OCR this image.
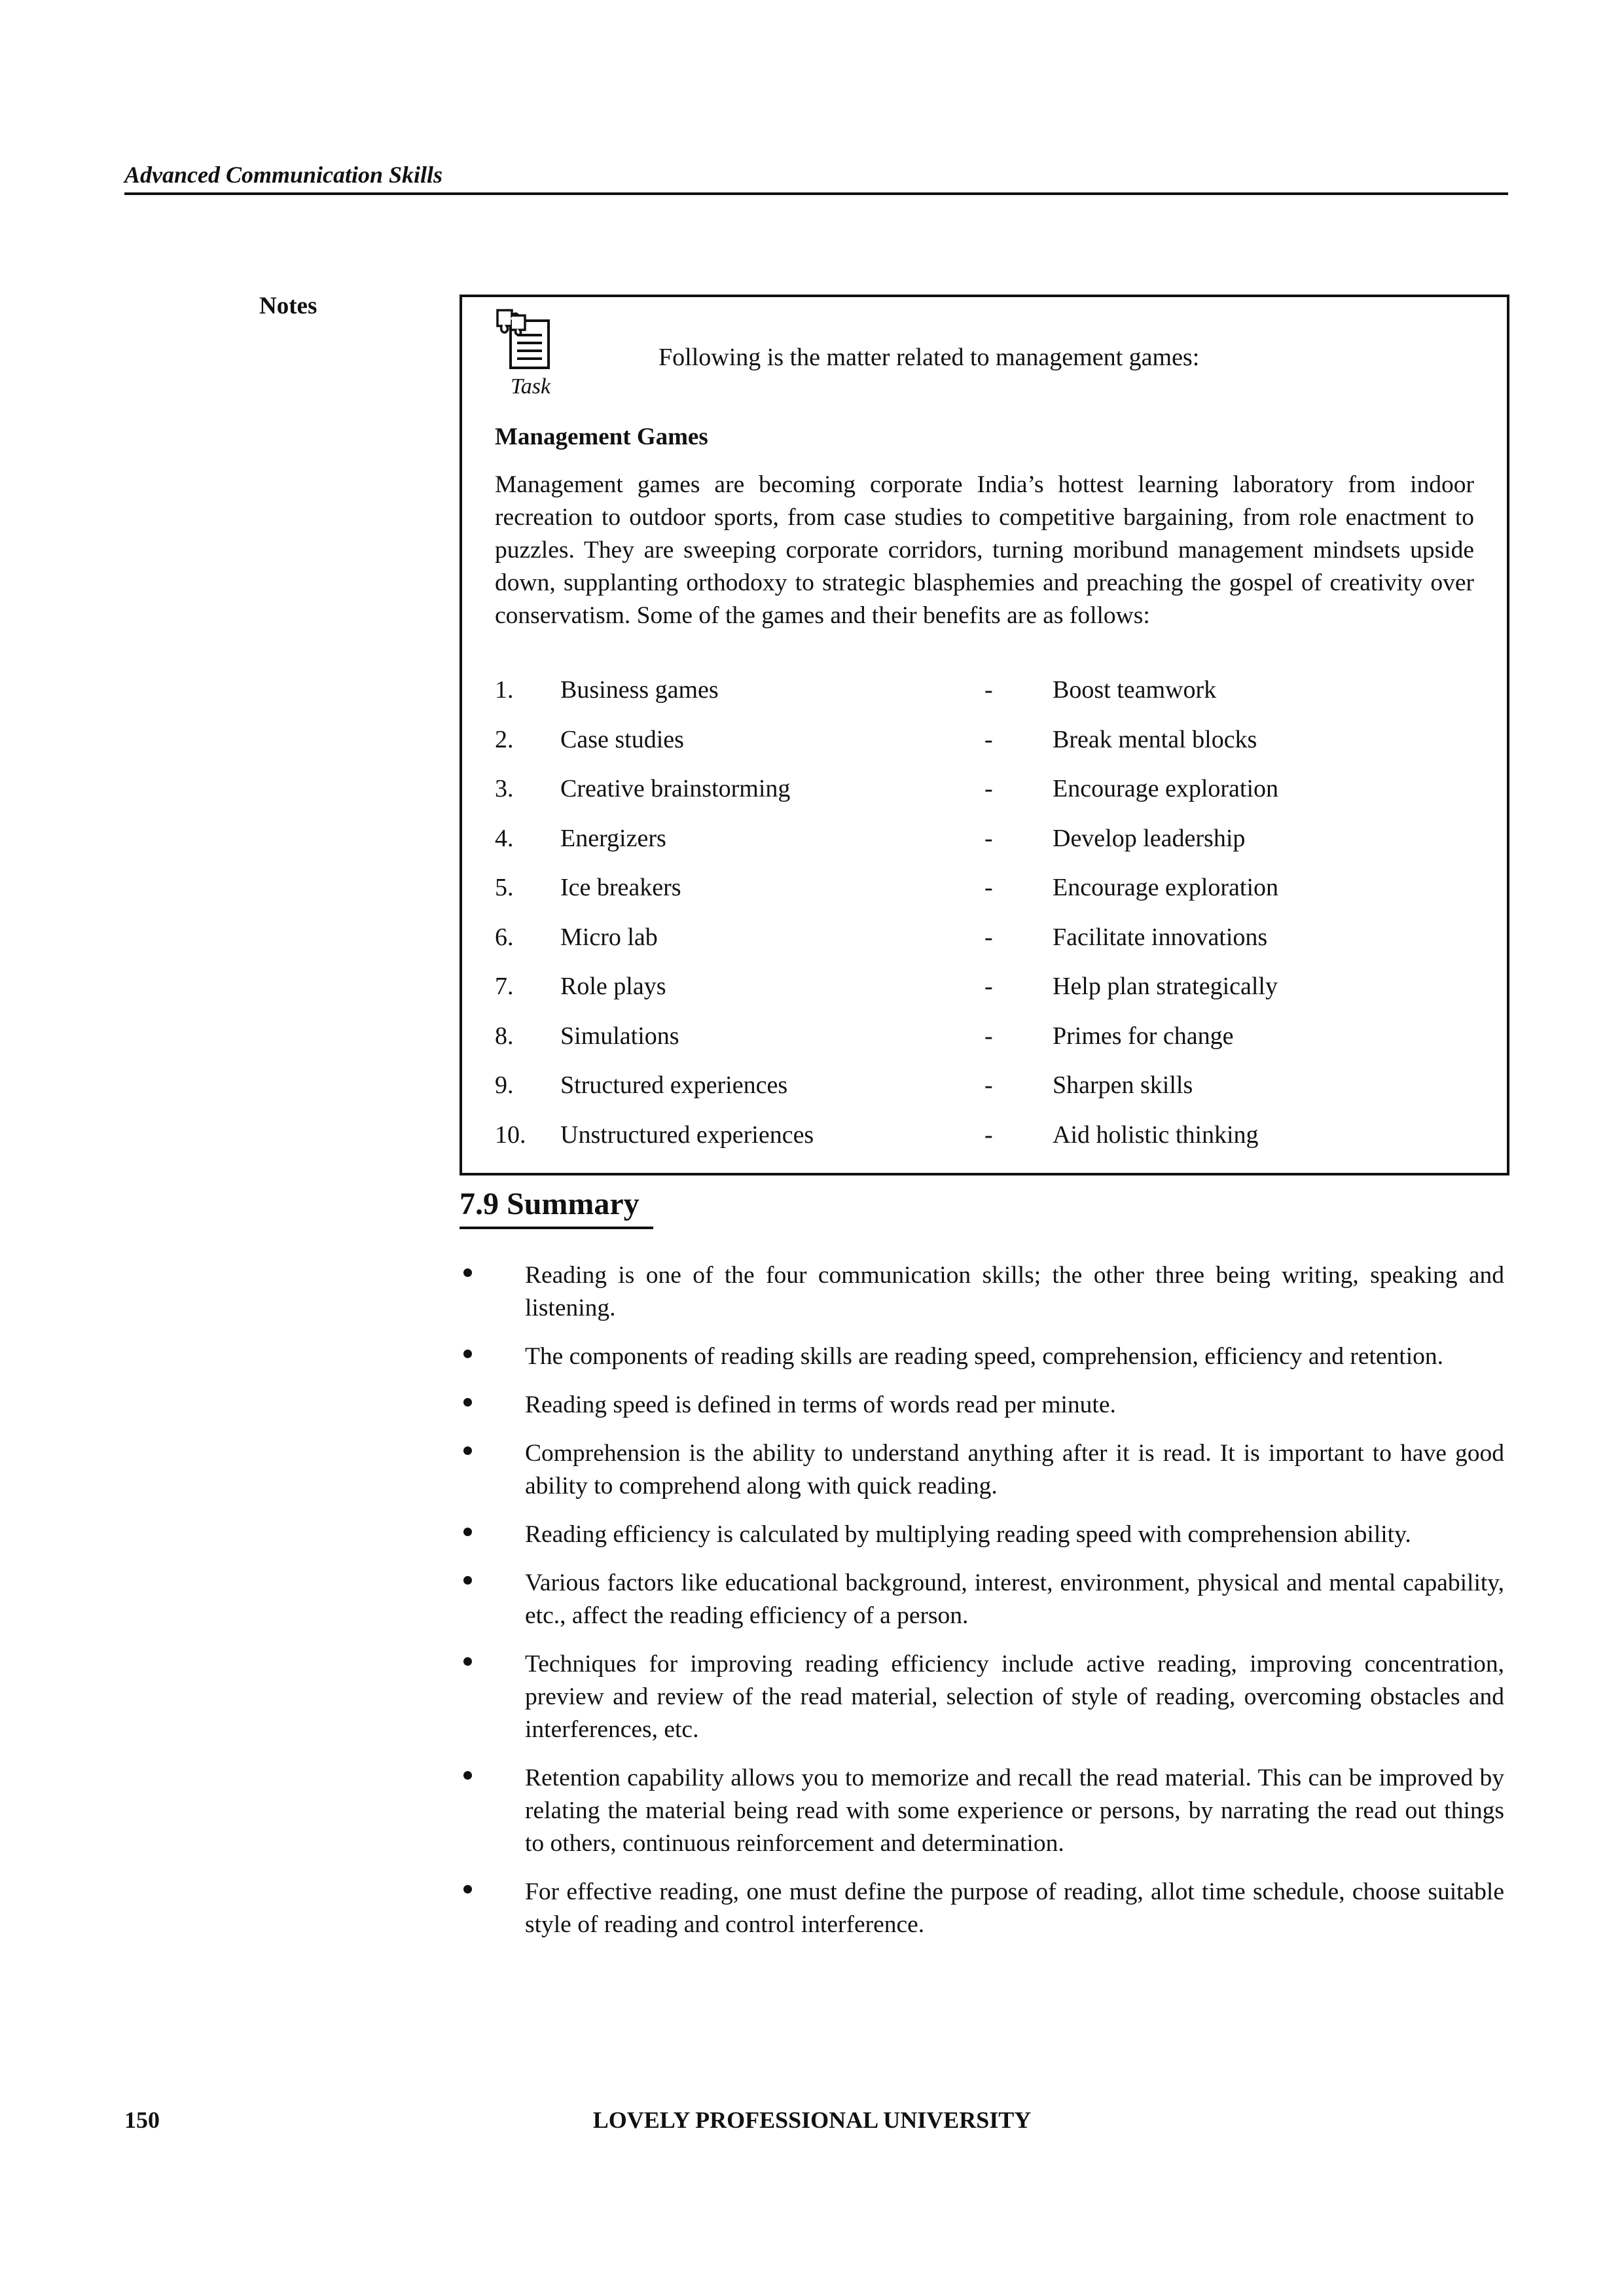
Advanced Communication Skills
Notes
Task
Following is the matter related to management games:
Management Games
Management games are becoming corporate India’s hottest learning laboratory from indoor recreation to outdoor sports, from case studies to competitive bargaining, from role enactment to puzzles. They are sweeping corporate corridors, turning moribund management mindsets upside down, supplanting orthodoxy to strategic blasphemies and preaching the gospel of creativity over conservatism. Some of the games and their benefits are as follows:
1. Business games	- Boost teamwork
2. Case studies	- Break mental blocks
3. Creative brainstorming	- Encourage exploration
4. Energizers	- Develop leadership
5. Ice breakers	- Encourage exploration
6. Micro lab	- Facilitate innovations
7. Role plays	- Help plan strategically
8. Simulations	- Primes for change
9. Structured experiences	- Sharpen skills
10. Unstructured experiences	- Aid holistic thinking
7.9 Summary
Reading is one of the four communication skills; the other three being writing, speaking and listening.
The components of reading skills are reading speed, comprehension, efficiency and retention.
Reading speed is defined in terms of words read per minute.
Comprehension is the ability to understand anything after it is read. It is important to have good ability to comprehend along with quick reading.
Reading efficiency is calculated by multiplying reading speed with comprehension ability.
Various factors like educational background, interest, environment, physical and mental capability, etc., affect the reading efficiency of a person.
Techniques for improving reading efficiency include active reading, improving concentration, preview and review of the read material, selection of style of reading, overcoming obstacles and interferences, etc.
Retention capability allows you to memorize and recall the read material. This can be improved by relating the material being read with some experience or persons, by narrating the read out things to others, continuous reinforcement and determination.
For effective reading, one must define the purpose of reading, allot time schedule, choose suitable style of reading and control interference.
150	LOVELY PROFESSIONAL UNIVERSITY
